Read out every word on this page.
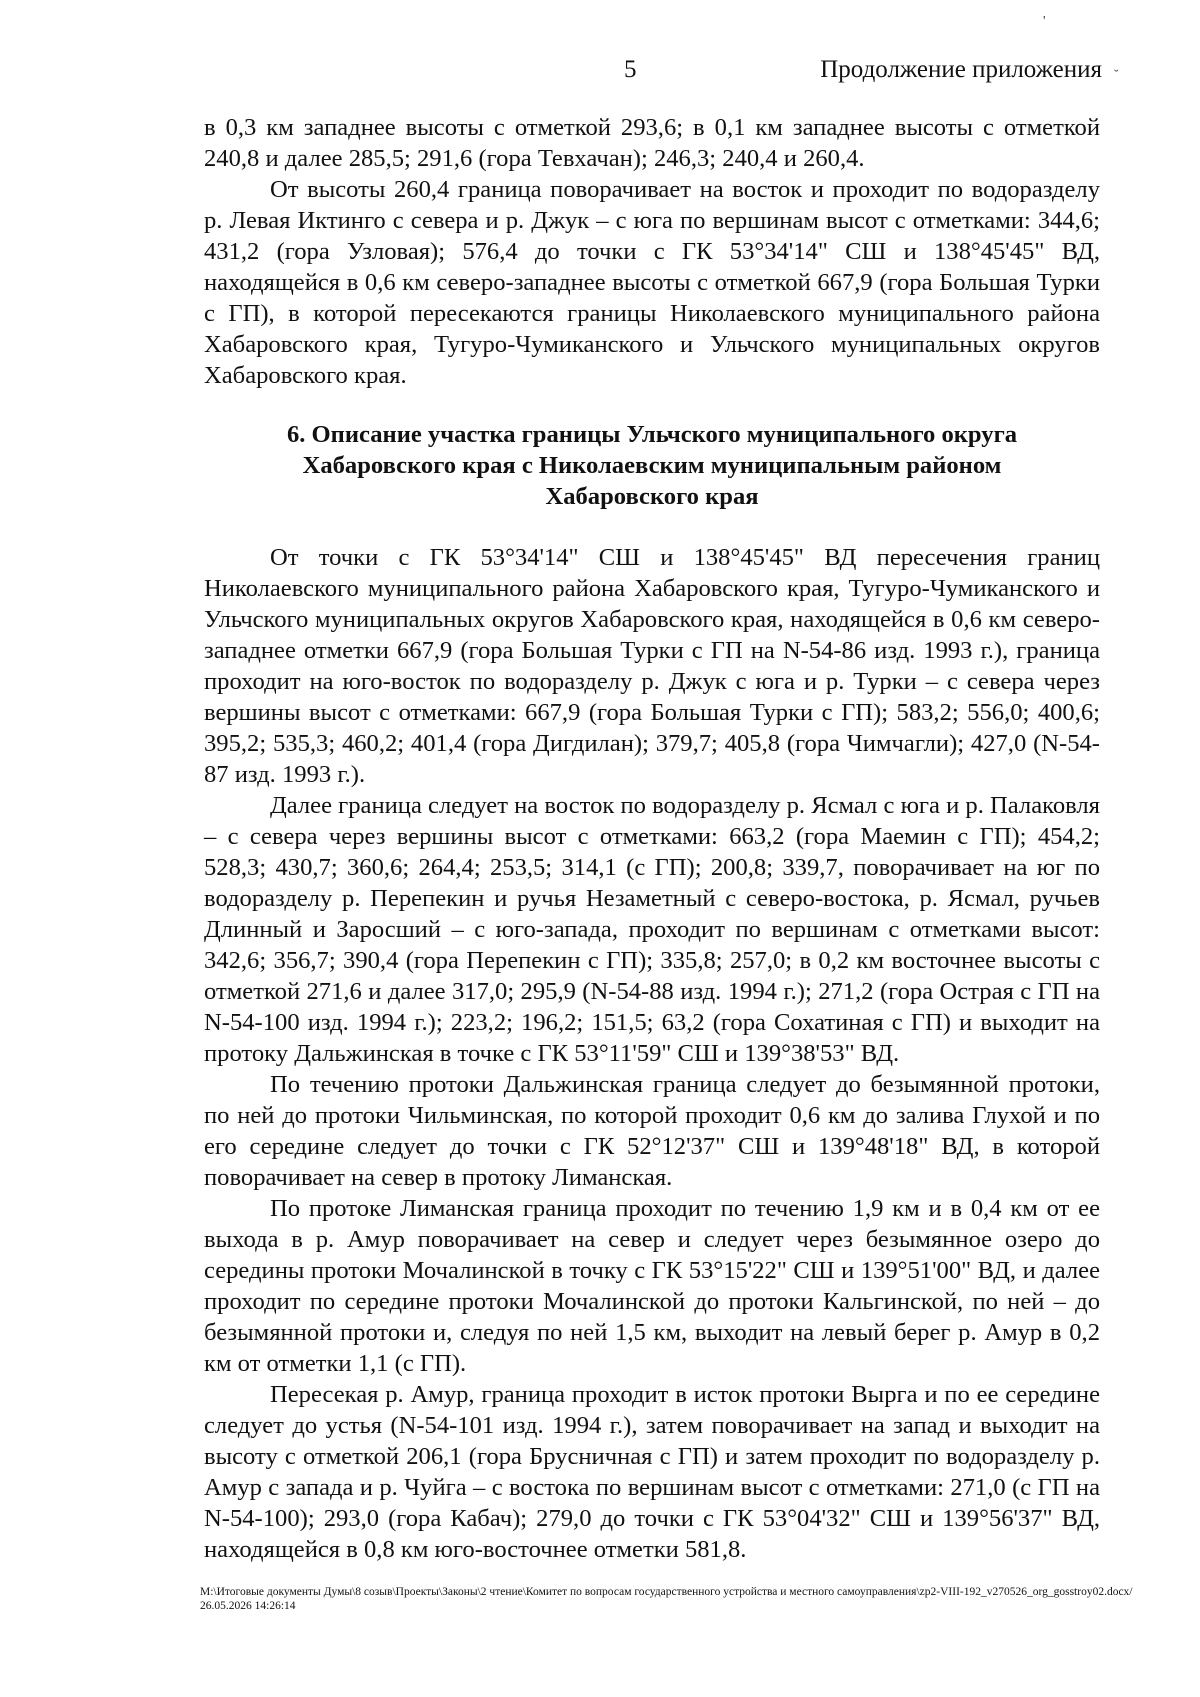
5	Продолжение приложения
'
˘

в 0,3 км западнее высоты с отметкой 293,6; в 0,1 км западнее высоты с отметкой 240,8 и далее 285,5; 291,6 (гора Тевхачан); 246,3; 240,4 и 260,4.

От высоты 260,4 граница поворачивает на восток и проходит по водоразделу р. Левая Иктинго с севера и р. Джук – с юга по вершинам высот с отметками: 344,6; 431,2 (гора Узловая); 576,4 до точки с ГК 53°34'14" СШ и 138°45'45" ВД, находящейся в 0,6 км северо-западнее высоты с отметкой 667,9 (гора Большая Турки с ГП), в которой пересекаются границы Николаевского муниципального района Хабаровского края, Тугуро-Чумиканского и Ульчского муниципальных округов Хабаровского края.

6. Описание участка границы Ульчского муниципального округа
Хабаровского края с Николаевским муниципальным районом
Хабаровского края

От точки с ГК 53°34'14" СШ и 138°45'45" ВД пересечения границ Николаевского муниципального района Хабаровского края, Тугуро-Чумиканского и Ульчского муниципальных округов Хабаровского края, находящейся в 0,6 км северо-западнее отметки 667,9 (гора Большая Турки с ГП на N-54-86 изд. 1993 г.), граница проходит на юго-восток по водоразделу р. Джук с юга и р. Турки – с севера через вершины высот с отметками: 667,9 (гора Большая Турки с ГП); 583,2; 556,0; 400,6; 395,2; 535,3; 460,2; 401,4 (гора Дигдилан); 379,7; 405,8 (гора Чимчагли); 427,0 (N-54-87 изд. 1993 г.).

Далее граница следует на восток по водоразделу р. Ясмал с юга и р. Палаковля – с севера через вершины высот с отметками: 663,2 (гора Маемин с ГП); 454,2; 528,3; 430,7; 360,6; 264,4; 253,5; 314,1 (с ГП); 200,8; 339,7, поворачивает на юг по водоразделу р. Перепекин и ручья Незаметный с северо-востока, р. Ясмал, ручьев Длинный и Заросший – с юго-запада, проходит по вершинам с отметками высот: 342,6; 356,7; 390,4 (гора Перепекин с ГП); 335,8; 257,0; в 0,2 км восточнее высоты с отметкой 271,6 и далее 317,0; 295,9 (N-54-88 изд. 1994 г.); 271,2 (гора Острая с ГП на N-54-100 изд. 1994 г.); 223,2; 196,2; 151,5; 63,2 (гора Сохатиная с ГП) и выходит на протоку Дальжинская в точке с ГК 53°11'59" СШ и 139°38'53" ВД.

По течению протоки Дальжинская граница следует до безымянной протоки, по ней до протоки Чильминская, по которой проходит 0,6 км до залива Глухой и по его середине следует до точки с ГК 52°12'37" СШ и 139°48'18" ВД, в которой поворачивает на север в протоку Лиманская.

По протоке Лиманская граница проходит по течению 1,9 км и в 0,4 км от ее выхода в р. Амур поворачивает на север и следует через безымянное озеро до середины протоки Мочалинской в точку с ГК 53°15'22" СШ и 139°51'00" ВД, и далее проходит по середине протоки Мочалинской до протоки Кальгинской, по ней – до безымянной протоки и, следуя по ней 1,5 км, выходит на левый берег р. Амур в 0,2 км от отметки 1,1 (с ГП).

Пересекая р. Амур, граница проходит в исток протоки Вырга и по ее середине следует до устья (N-54-101 изд. 1994 г.), затем поворачивает на запад и выходит на высоту с отметкой 206,1 (гора Брусничная с ГП) и затем проходит по водоразделу р. Амур с запада и р. Чуйга – с востока по вершинам высот с отметками: 271,0 (с ГП на N-54-100); 293,0 (гора Кабач); 279,0 до точки с ГК 53°04'32" СШ и 139°56'37" ВД, находящейся в 0,8 км юго-восточнее отметки 581,8.

M:\Итоговые документы Думы\8 созыв\Проекты\Законы\2 чтение\Комитет по вопросам государственного устройства и местного самоуправления\zp2-VIII-192_v270526_org_gosstroy02.docx/26.05.2026 14:26:14
